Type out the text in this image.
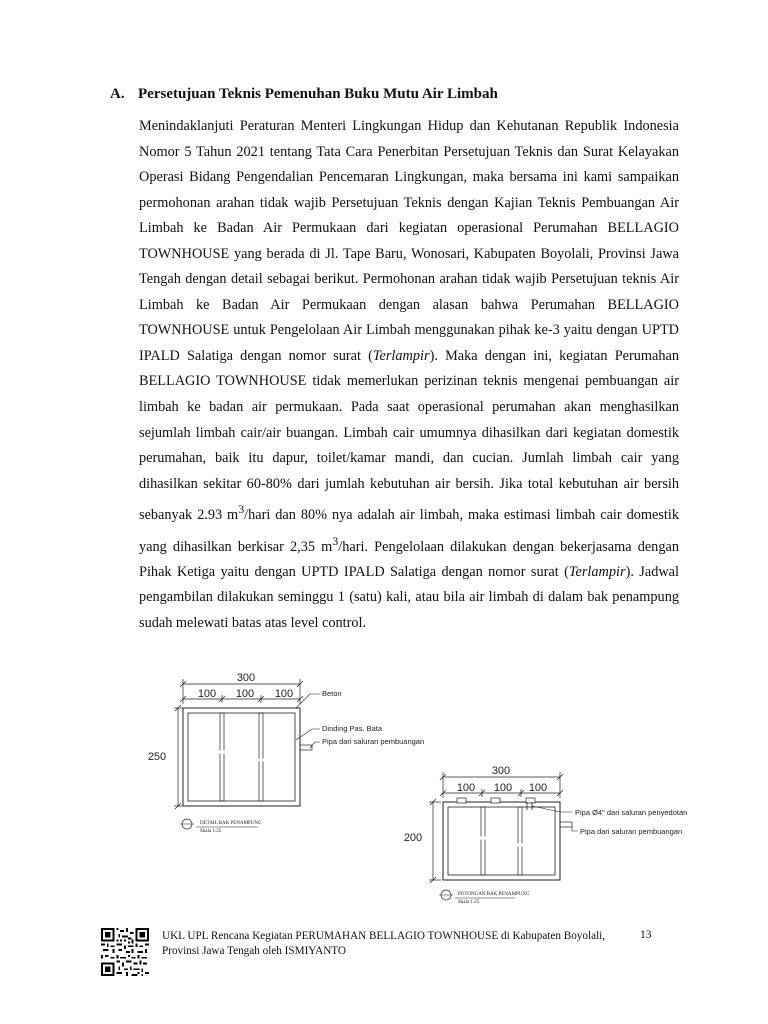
A. Persetujuan Teknis Pemenuhan Buku Mutu Air Limbah

Menindaklanjuti Peraturan Menteri Lingkungan Hidup dan Kehutanan Republik Indonesia Nomor 5 Tahun 2021 tentang Tata Cara Penerbitan Persetujuan Teknis dan Surat Kelayakan Operasi Bidang Pengendalian Pencemaran Lingkungan, maka bersama ini kami sampaikan permohonan arahan tidak wajib Persetujuan Teknis dengan Kajian Teknis Pembuangan Air Limbah ke Badan Air Permukaan dari kegiatan operasional Perumahan BELLAGIO TOWNHOUSE yang berada di Jl. Tape Baru, Wonosari, Kabupaten Boyolali, Provinsi Jawa Tengah dengan detail sebagai berikut. Permohonan arahan tidak wajib Persetujuan teknis Air Limbah ke Badan Air Permukaan dengan alasan bahwa Perumahan BELLAGIO TOWNHOUSE untuk Pengelolaan Air Limbah menggunakan pihak ke-3 yaitu dengan UPTD IPALD Salatiga dengan nomor surat (Terlampir). Maka dengan ini, kegiatan Perumahan BELLAGIO TOWNHOUSE tidak memerlukan perizinan teknis mengenai pembuangan air limbah ke badan air permukaan. Pada saat operasional perumahan akan menghasilkan sejumlah limbah cair/air buangan. Limbah cair umumnya dihasilkan dari kegiatan domestik perumahan, baik itu dapur, toilet/kamar mandi, dan cucian. Jumlah limbah cair yang dihasilkan sekitar 60-80% dari jumlah kebutuhan air bersih. Jika total kebutuhan air bersih sebanyak 2.93 $m^3$/hari dan 80% nya adalah air limbah, maka estimasi limbah cair domestik yang dihasilkan berkisar 2,35 $m^3$/hari. Pengelolaan dilakukan dengan bekerjasama dengan Pihak Ketiga yaitu dengan UPTD IPALD Salatiga dengan nomor surat (Terlampir). Jadwal pengambilan dilakukan seminggu 1 (satu) kali, atau bila air limbah di dalam bak penampung sudah melewati batas atas level control.

300
100 100 100
250
Beton
Dinding Pas. Bata
Pipa dari saluran pembuangan
DETAIL BAK PENAMPUNG
Skala 1:25
300
100 100 100
200
Pipa Ø4" dari saluran penyedotan
Pipa dari saluran pembuangan
POTONGAN BAK PENAMPUNG
Skala 1:25
UKL UPL Rencana Kegiatan PERUMAHAN BELLAGIO TOWNHOUSE di Kabupaten Boyolali,
Provinsi Jawa Tengah oleh ISMIYANTO
13
